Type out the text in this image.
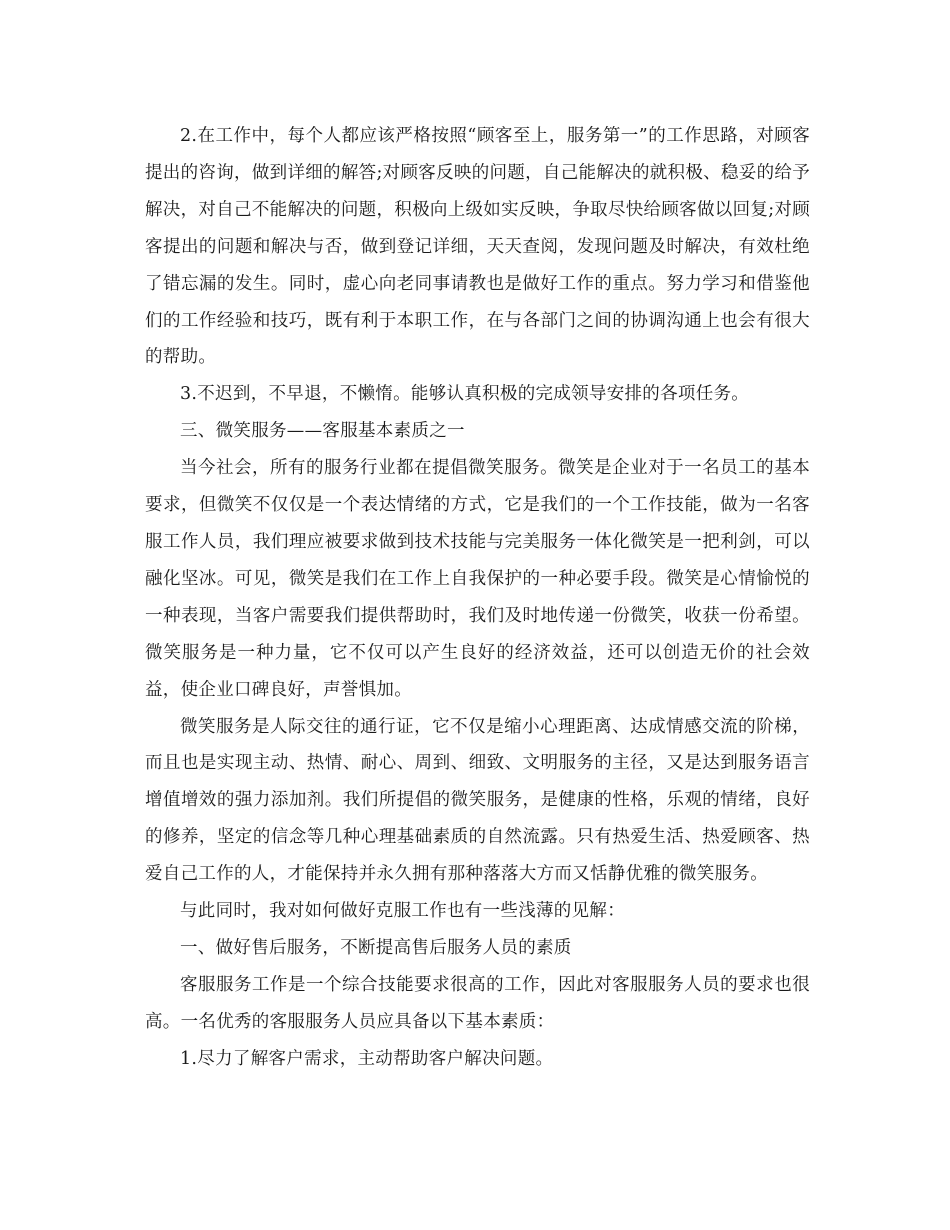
2.在工作中，每个人都应该严格按照“顾客至上，服务第一”的工作思路，对顾客提出的咨询，做到详细的解答;对顾客反映的问题，自己能解决的就积极、稳妥的给予解决，对自己不能解决的问题，积极向上级如实反映，争取尽快给顾客做以回复;对顾客提出的问题和解决与否，做到登记详细，天天查阅，发现问题及时解决，有效杜绝了错忘漏的发生。同时，虚心向老同事请教也是做好工作的重点。努力学习和借鉴他们的工作经验和技巧，既有利于本职工作，在与各部门之间的协调沟通上也会有很大的帮助。

3.不迟到，不早退，不懒惰。能够认真积极的完成领导安排的各项任务。

三、微笑服务——客服基本素质之一

当今社会，所有的服务行业都在提倡微笑服务。微笑是企业对于一名员工的基本要求，但微笑不仅仅是一个表达情绪的方式，它是我们的一个工作技能，做为一名客服工作人员，我们理应被要求做到技术技能与完美服务一体化微笑是一把利剑，可以融化坚冰。可见，微笑是我们在工作上自我保护的一种必要手段。微笑是心情愉悦的一种表现，当客户需要我们提供帮助时，我们及时地传递一份微笑，收获一份希望。微笑服务是一种力量，它不仅可以产生良好的经济效益，还可以创造无价的社会效益，使企业口碑良好，声誉惧加。

微笑服务是人际交往的通行证，它不仅是缩小心理距离、达成情感交流的阶梯，而且也是实现主动、热情、耐心、周到、细致、文明服务的主径，又是达到服务语言增值增效的强力添加剂。我们所提倡的微笑服务，是健康的性格，乐观的情绪，良好的修养，坚定的信念等几种心理基础素质的自然流露。只有热爱生活、热爱顾客、热爱自己工作的人，才能保持并永久拥有那种落落大方而又恬静优雅的微笑服务。

与此同时，我对如何做好克服工作也有一些浅薄的见解：

一、做好售后服务，不断提高售后服务人员的素质

客服服务工作是一个综合技能要求很高的工作，因此对客服服务人员的要求也很高。一名优秀的客服服务人员应具备以下基本素质：

1.尽力了解客户需求，主动帮助客户解决问题。
